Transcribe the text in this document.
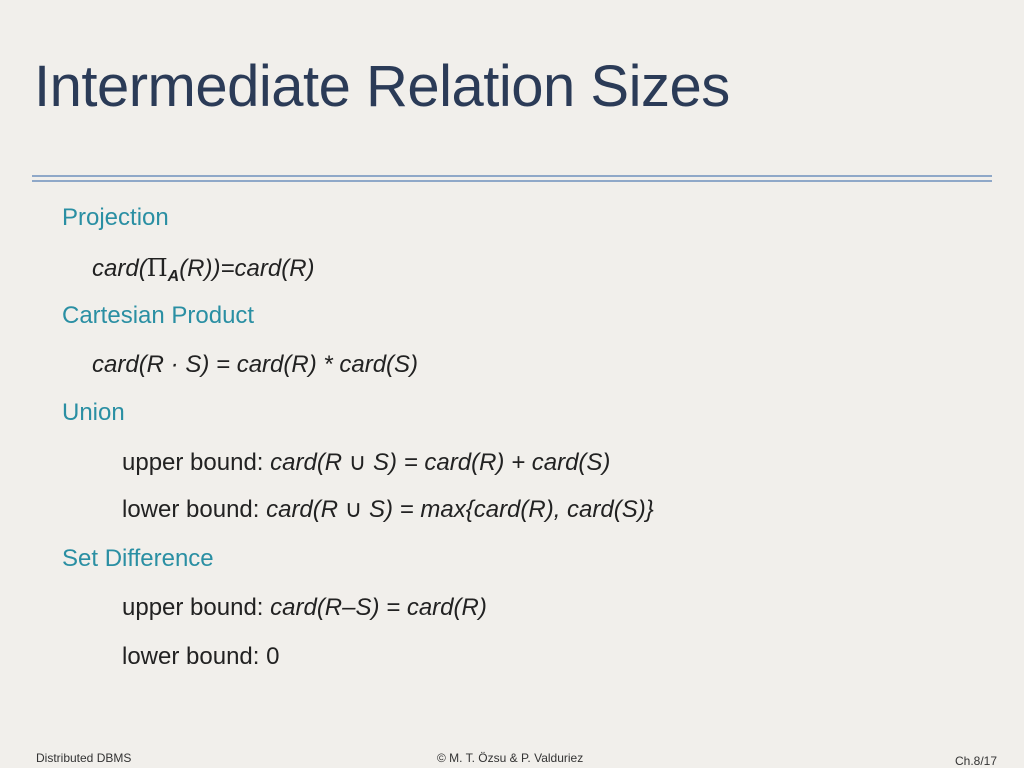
Intermediate Relation Sizes
Projection
$card(\Pi_A(R))=card(R)$
Cartesian Product
card(R · S) = card(R) * card(S)
Union
upper bound: card(R ∪ S) = card(R) + card(S)
lower bound: card(R ∪ S) = max{card(R), card(S)}
Set Difference
upper bound: card(R–S) = card(R)
lower bound: 0
Distributed DBMS	© M. T. Özsu & P. Valduriez	Ch.8/17
